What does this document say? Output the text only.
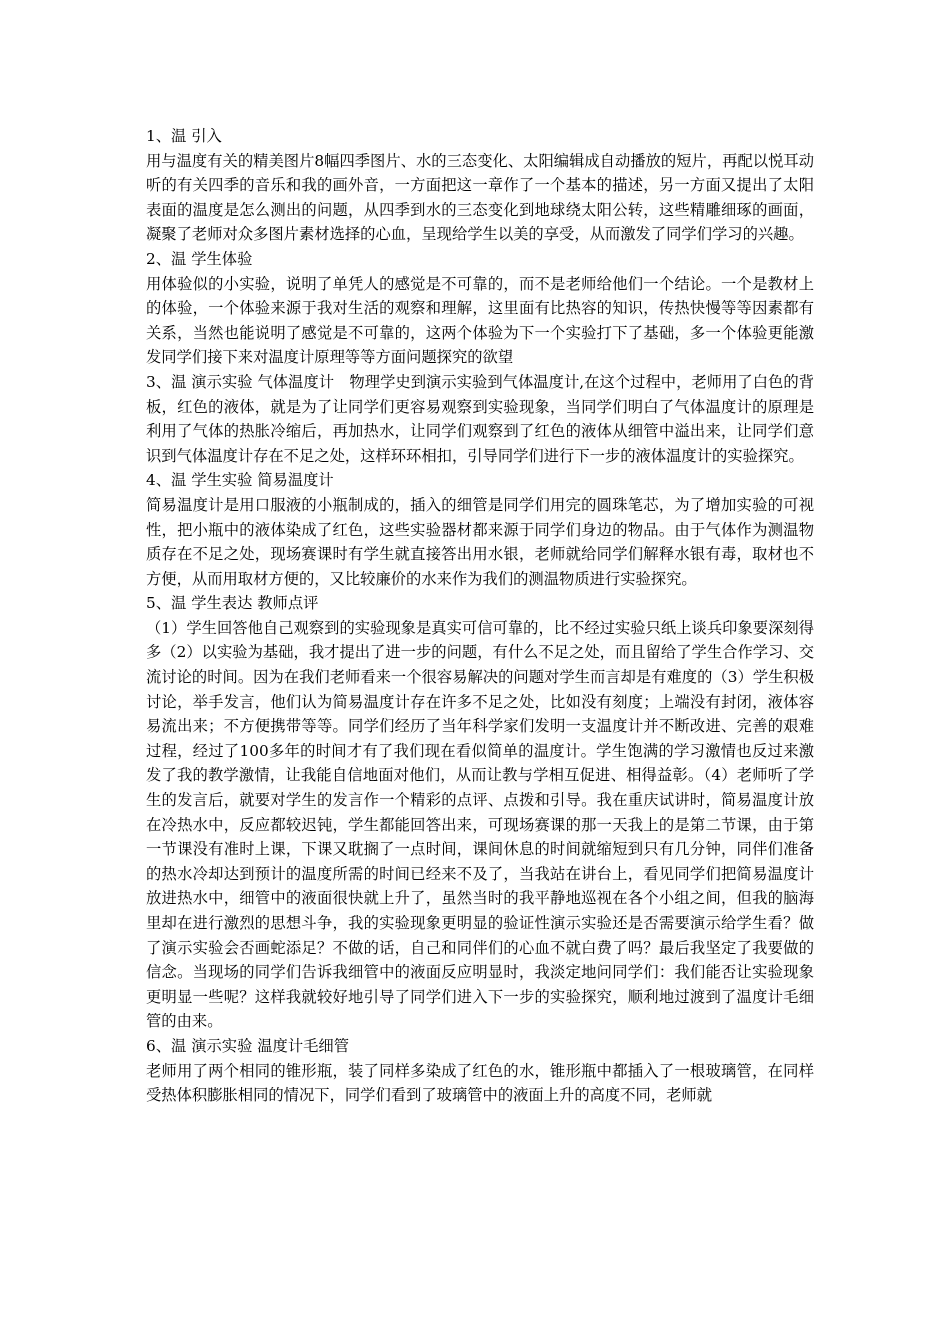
1、温 引入

用与温度有关的精美图片8幅四季图片、水的三态变化、太阳编辑成自动播放的短片，再配以悦耳动听的有关四季的音乐和我的画外音，一方面把这一章作了一个基本的描述，另一方面又提出了太阳表面的温度是怎么测出的问题，从四季到水的三态变化到地球绕太阳公转，这些精雕细琢的画面，凝聚了老师对众多图片素材选择的心血，呈现给学生以美的享受，从而激发了同学们学习的兴趣。

2、温 学生体验

用体验似的小实验，说明了单凭人的感觉是不可靠的，而不是老师给他们一个结论。一个是教材上的体验，一个体验来源于我对生活的观察和理解，这里面有比热容的知识，传热快慢等等因素都有关系，当然也能说明了感觉是不可靠的，这两个体验为下一个实验打下了基础，多一个体验更能激发同学们接下来对温度计原理等等方面问题探究的欲望

3、温 演示实验 气体温度计　物理学史到演示实验到气体温度计,在这个过程中，老师用了白色的背板，红色的液体，就是为了让同学们更容易观察到实验现象，当同学们明白了气体温度计的原理是利用了气体的热胀冷缩后，再加热水，让同学们观察到了红色的液体从细管中溢出来，让同学们意识到气体温度计存在不足之处，这样环环相扣，引导同学们进行下一步的液体温度计的实验探究。

4、温 学生实验 简易温度计

简易温度计是用口服液的小瓶制成的，插入的细管是同学们用完的圆珠笔芯，为了增加实验的可视性，把小瓶中的液体染成了红色，这些实验器材都来源于同学们身边的物品。由于气体作为测温物质存在不足之处，现场赛课时有学生就直接答出用水银，老师就给同学们解释水银有毒，取材也不方便，从而用取材方便的，又比较廉价的水来作为我们的测温物质进行实验探究。

5、温 学生表达 教师点评

（1）学生回答他自己观察到的实验现象是真实可信可靠的，比不经过实验只纸上谈兵印象要深刻得多（2）以实验为基础，我才提出了进一步的问题，有什么不足之处，而且留给了学生合作学习、交流讨论的时间。因为在我们老师看来一个很容易解决的问题对学生而言却是有难度的（3）学生积极讨论，举手发言，他们认为简易温度计存在许多不足之处，比如没有刻度；上端没有封闭，液体容易流出来；不方便携带等等。同学们经历了当年科学家们发明一支温度计并不断改进、完善的艰难过程，经过了100多年的时间才有了我们现在看似简单的温度计。学生饱满的学习激情也反过来激发了我的教学激情，让我能自信地面对他们，从而让教与学相互促进、相得益彰。（4）老师听了学生的发言后，就要对学生的发言作一个精彩的点评、点拨和引导。我在重庆试讲时，简易温度计放在冷热水中，反应都较迟钝，学生都能回答出来，可现场赛课的那一天我上的是第二节课，由于第一节课没有准时上课，下课又耽搁了一点时间，课间休息的时间就缩短到只有几分钟，同伴们准备的热水冷却达到预计的温度所需的时间已经来不及了，当我站在讲台上，看见同学们把简易温度计放进热水中，细管中的液面很快就上升了，虽然当时的我平静地巡视在各个小组之间，但我的脑海里却在进行激烈的思想斗争，我的实验现象更明显的验证性演示实验还是否需要演示给学生看？做了演示实验会否画蛇添足？不做的话，自己和同伴们的心血不就白费了吗？最后我坚定了我要做的信念。当现场的同学们告诉我细管中的液面反应明显时，我淡定地问同学们：我们能否让实验现象更明显一些呢？这样我就较好地引导了同学们进入下一步的实验探究，顺利地过渡到了温度计毛细管的由来。

6、温 演示实验 温度计毛细管

老师用了两个相同的锥形瓶，装了同样多染成了红色的水，锥形瓶中都插入了一根玻璃管，在同样受热体积膨胀相同的情况下，同学们看到了玻璃管中的液面上升的高度不同，老师就
